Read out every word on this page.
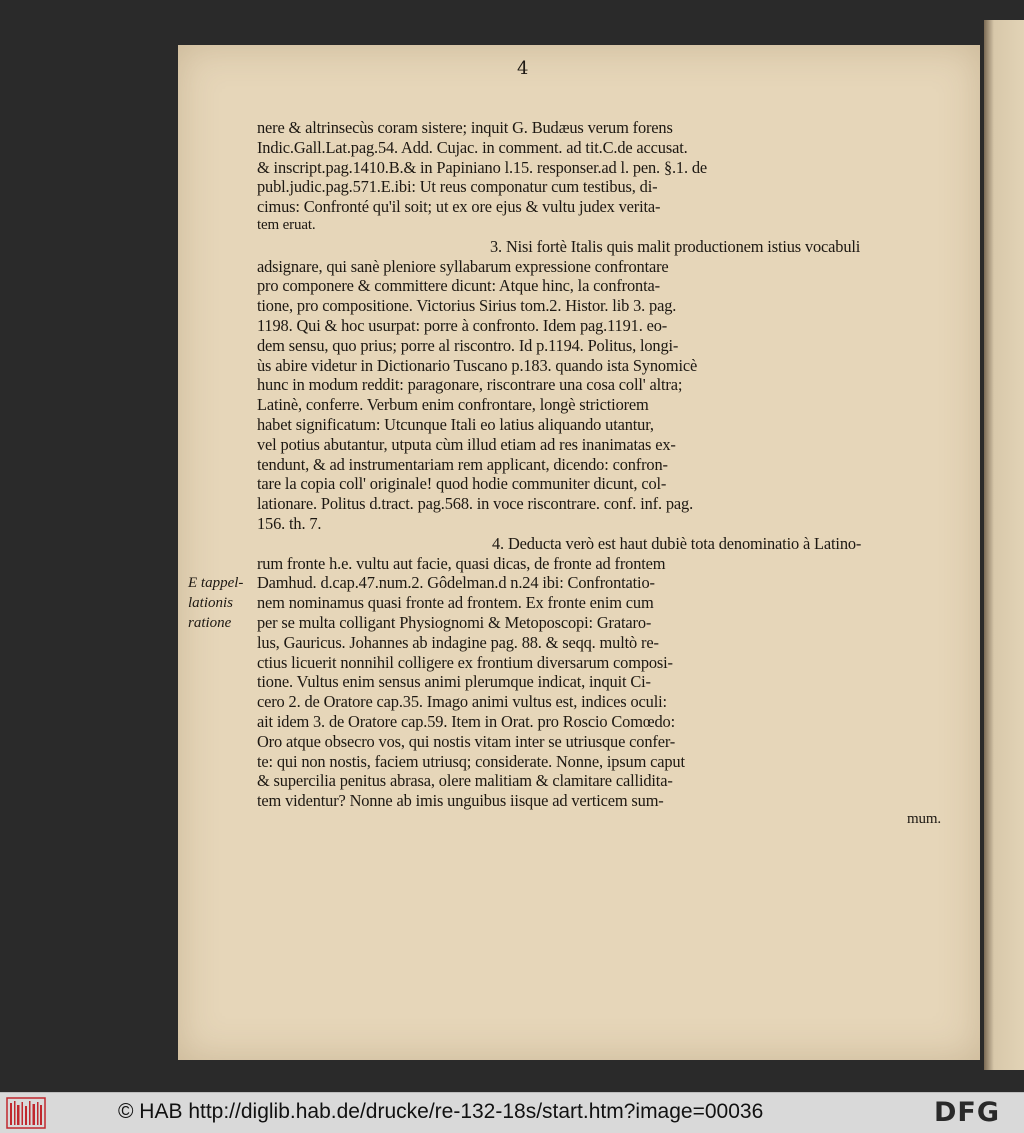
4
nere & altrinsecùs coram sistere; inquit G. Budæus verum forens
Indic.Gall.Lat.pag.54. Add. Cujac. in comment. ad tit.C.de accusat.
& inscript.pag.1410.B.& in Papiniano l.15. responser.ad l. pen. §.1. de
publ.judic.pag.571.E.ibi: Ut reus componatur cum testibus, di-
cimus: Confronté qu'il soit; ut ex ore ejus & vultu judex verita-
tem eruat.
3. Nisi fortè Italis quis malit productionem istius vocabuli
adsignare, qui sanè pleniore syllabarum expressione confrontare
pro componere & committere dicunt: Atque hinc, la confronta-
tione, pro compositione. Victorius Sirius tom.2. Histor. lib 3. pag.
1198. Qui & hoc usurpat: porre à confronto. Idem pag.1191. eo-
dem sensu, quo prius; porre al riscontro. Id p.1194. Politus, longi-
ùs abire videtur in Dictionario Tuscano p.183. quando ista Synomicè
hunc in modum reddit: paragonare, riscontrare una cosa coll' altra;
Latinè, conferre. Verbum enim confrontare, longè strictiorem
habet significatum: Utcunque Itali eo latius aliquando utantur,
vel potius abutantur, utputa cùm illud etiam ad res inanimatas ex-
tendunt, & ad instrumentariam rem applicant, dicendo: confron-
tare la copia coll' originale! quod hodie communiter dicunt, col-
lationare. Politus d.tract. pag.568. in voce riscontrare. conf. inf. pag.
156. th. 7.
4. Deducta verò est haut dubiè tota denominatio à Latino-
rum fronte h.e. vultu aut facie, quasi dicas, de fronte ad frontem
Damhud. d.cap.47.num.2. Gôdelman.d n.24 ibi: Confrontatio-
nem nominamus quasi fronte ad frontem. Ex fronte enim cum
per se multa colligant Physiognomi & Metoposcopi: Grataro-
lus, Gauricus. Johannes ab indagine pag. 88. & seqq. multò re-
ctius licuerit nonnihil colligere ex frontium diversarum composi-
tione. Vultus enim sensus animi plerumque indicat, inquit Ci-
cero 2. de Oratore cap.35. Imago animi vultus est, indices oculi:
ait idem 3. de Oratore cap.59. Item in Orat. pro Roscio Comœdo:
Oro atque obsecro vos, qui nostis vitam inter se utriusque confer-
te: qui non nostis, faciem utriusq; considerate. Nonne, ipsum caput
& supercilia penitus abrasa, olere malitiam & clamitare callidita-
tem videntur? Nonne ab imis unguibus iisque ad verticem sum-
mum.
E tappel-
lationis
ratione
© HAB http://diglib.hab.de/drucke/re-132-18s/start.htm?image=00036	DFG
